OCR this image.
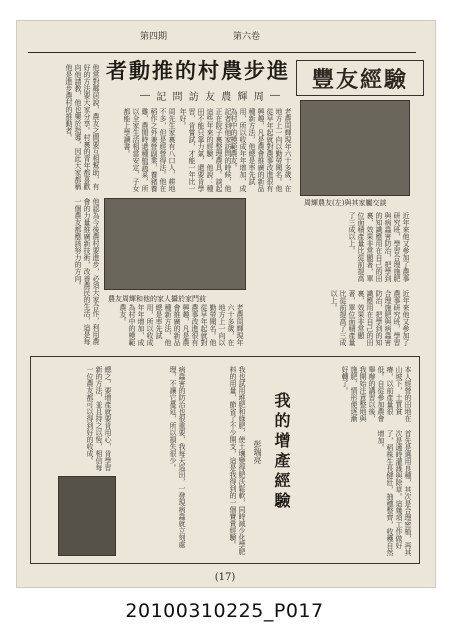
第六卷
第四期
豐友經驗
進
步
農
村
的
推
動
者
―
周
輝
農
友
訪
問
記
―
周輝農友(左)與其家屬交談
老農周輝現年六十多歲，在地方上一向以勤勞聞名。他從早年起就對農事改進很有興趣，凡是農會推廣的新品種新方法，他總是率先試用，所以收成年年增加，成為村中的模範農友。
記者到他家訪問的時候，他正在院子裏整理農具。談起這些年來的經驗，他說：種田不能只靠力氣，還要肯學習，肯嘗試，才能一年比一年好。
周先生家裏有八口人，耕地不多，但是經營得法。他在稻作之外兼營副業，養豬養雞，農閒時還種植蔬菜，所以全家生活相當安定，子女都能上學讀書。
他常對鄰居說，農友之間要互相幫助，有好的方法要大家分享。村裏的青年都喜歡向他請教，他也樂於指導，因此大家都稱他是進步農村的推動者。
農友周輝和他的家人攝於家門前
近年來他又參加了農事研究班，學習合理施肥與病蟲害防治，把學到的知識應用在自己的田裏，效果非常顯著，單位面積產量比從前提高了三成以上。
他認為今後農村要進步，必須大家合作，利用農會的力量推廣新技術，改善農民的生活，這是每一個農友都應該努力的方向。
近年來他又參加了農事研究班，學習合理施肥與病蟲害防治，把學到的知識應用在自己的田裏，效果非常顯著，單位面積產量比從前提高了三成以上。
老農周輝現年六十多歲，在地方上一向以勤勞聞名。他從早年起就對農事改進很有興趣，凡是農會推廣的新品種新方法，他總是率先試用，所以收成年年增加，成為村中的模範農友。
我的增產經驗
彭瑞亮
本人經營的田地在山坡下，土質貧瘠，以前產量很低。自從參加農會舉辦的講習以後，我開始注意整地與施肥，情形便逐漸好轉了。
首先是選用良種，其次是合理密植，再其次是適時灌溉與除草。這幾項工作做好了，稻株生長健壯，抽穗整齊，收穫自然增加。
我也試用堆肥和綠肥，使土壤變得肥沃鬆軟，同時減少化學肥料的用量，節省了不少開支，這是我得到的一個寶貴經驗。
病蟲害的防治也很重要，我每天巡田，一發現病蟲就立刻處理，不讓它蔓延，所以損失很少。
總之，要增產就要肯用心，肯學習新的方法，並且持之以恆，相信每一位農友都可以得到好的收成。
(17)
20100310225_P017
